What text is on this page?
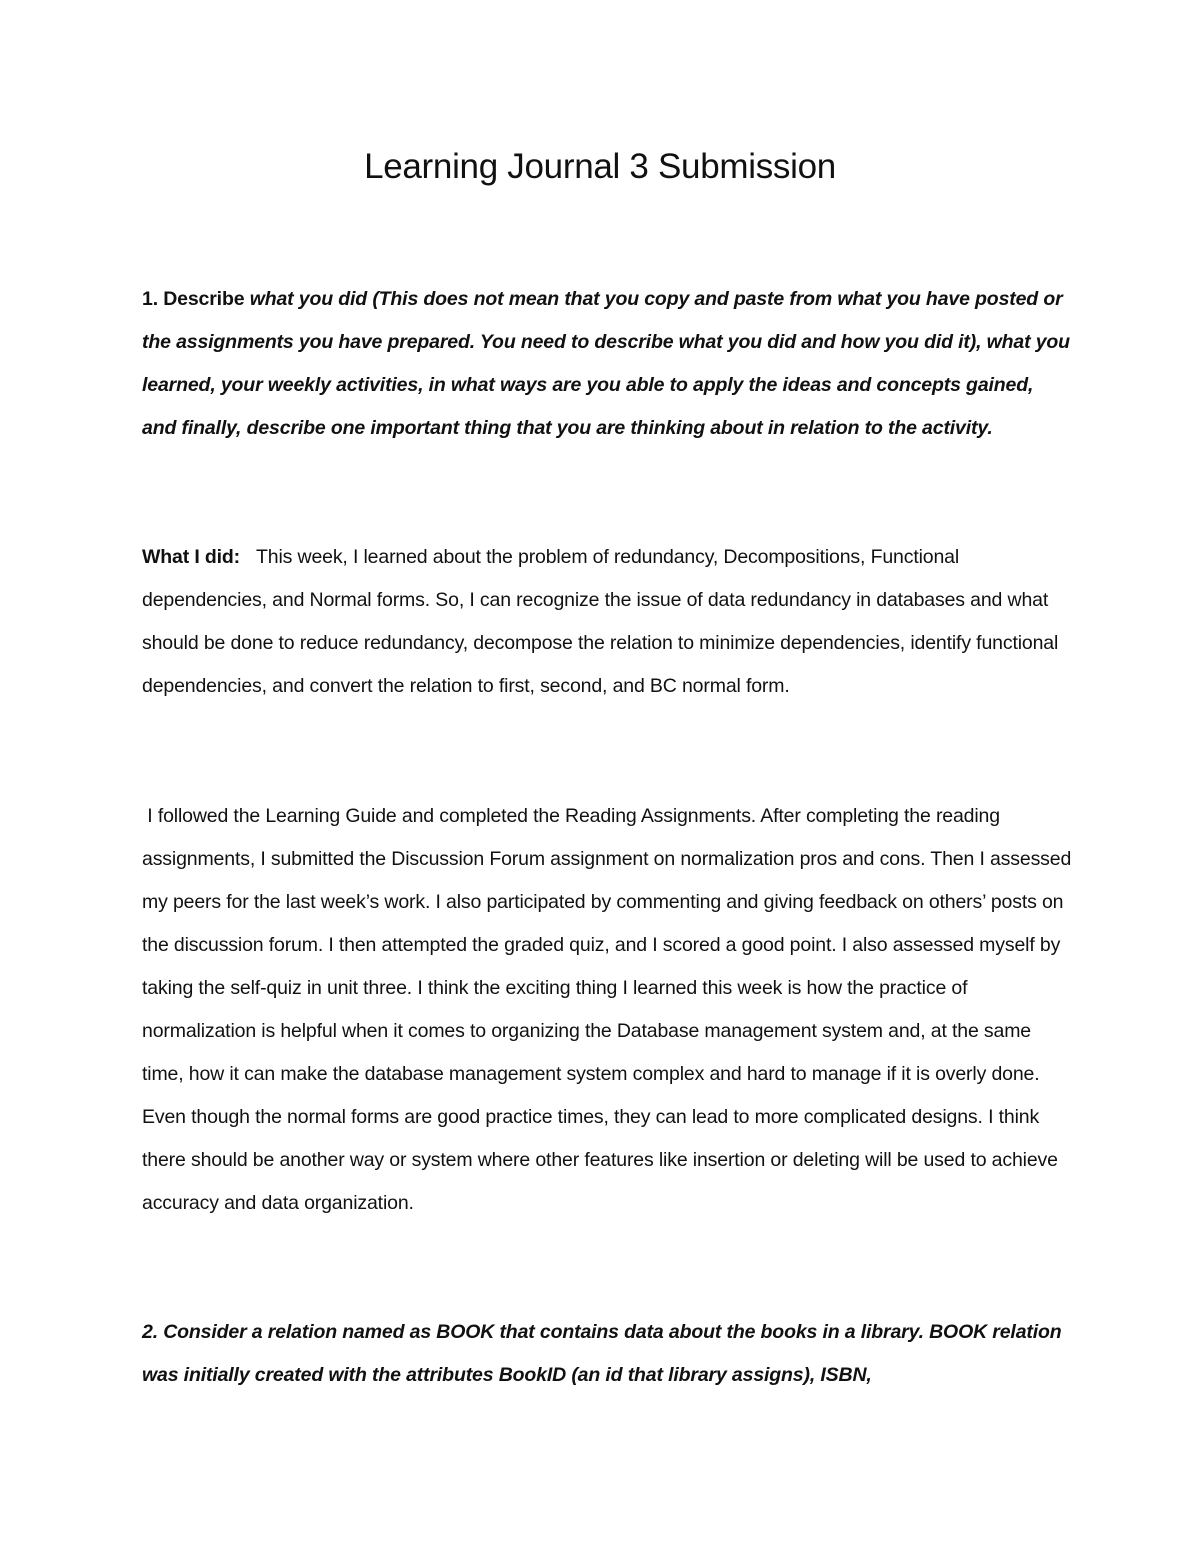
Learning Journal 3 Submission

1. Describe what you did (This does not mean that you copy and paste from what you have posted or the assignments you have prepared. You need to describe what you did and how you did it), what you learned, your weekly activities, in what ways are you able to apply the ideas and concepts gained, and finally, describe one important thing that you are thinking about in relation to the activity.

What I did: This week, I learned about the problem of redundancy, Decompositions, Functional dependencies, and Normal forms. So, I can recognize the issue of data redundancy in databases and what should be done to reduce redundancy, decompose the relation to minimize dependencies, identify functional dependencies, and convert the relation to first, second, and BC normal form.

I followed the Learning Guide and completed the Reading Assignments. After completing the reading assignments, I submitted the Discussion Forum assignment on normalization pros and cons. Then I assessed my peers for the last week’s work. I also participated by commenting and giving feedback on others’ posts on the discussion forum. I then attempted the graded quiz, and I scored a good point. I also assessed myself by taking the self-quiz in unit three. I think the exciting thing I learned this week is how the practice of normalization is helpful when it comes to organizing the Database management system and, at the same time, how it can make the database management system complex and hard to manage if it is overly done. Even though the normal forms are good practice times, they can lead to more complicated designs. I think there should be another way or system where other features like insertion or deleting will be used to achieve accuracy and data organization.

2. Consider a relation named as BOOK that contains data about the books in a library. BOOK relation was initially created with the attributes BookID (an id that library assigns), ISBN,
